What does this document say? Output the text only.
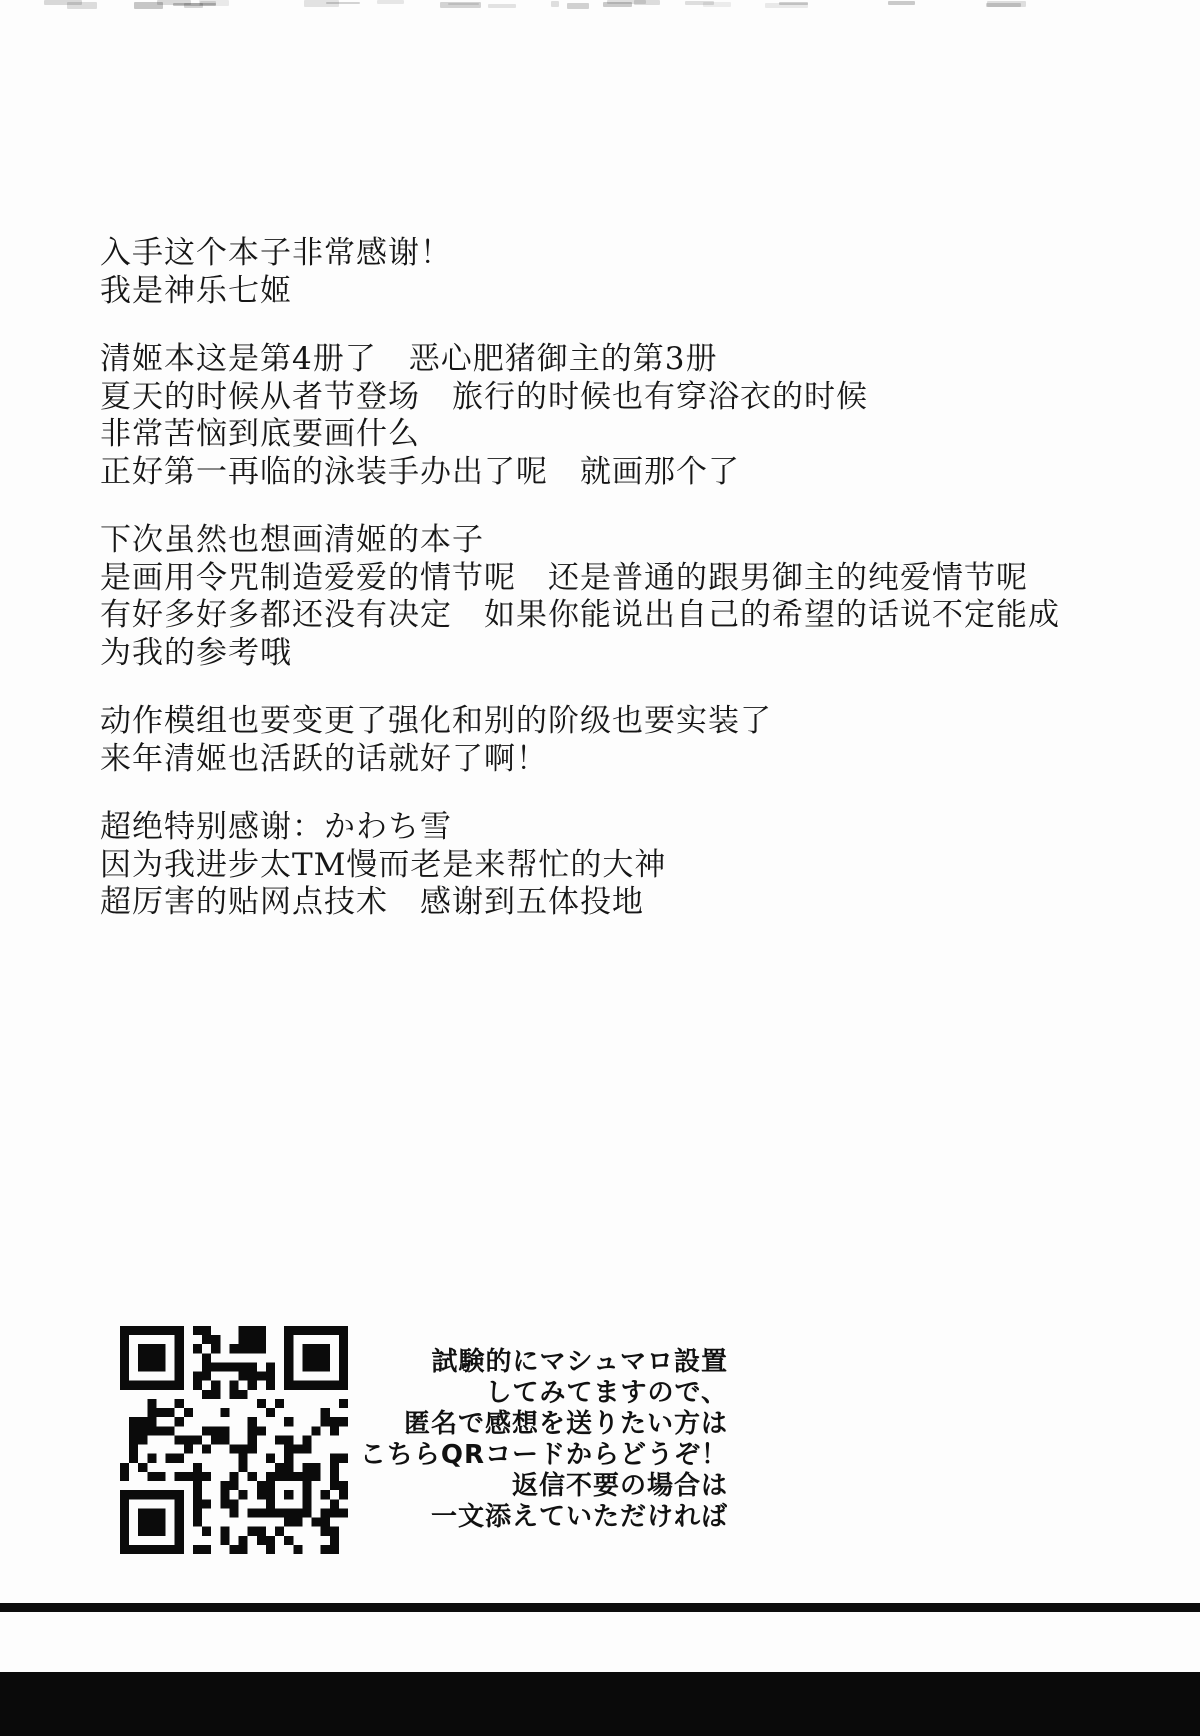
入手这个本子非常感谢！
我是神乐七姬
清姬本这是第4册了　恶心肥猪御主的第3册
夏天的时候从者节登场　旅行的时候也有穿浴衣的时候
非常苦恼到底要画什么
正好第一再临的泳装手办出了呢　就画那个了
下次虽然也想画清姬的本子
是画用令咒制造爱爱的情节呢　还是普通的跟男御主的纯爱情节呢
有好多好多都还没有决定　如果你能说出自己的希望的话说不定能成
为我的参考哦
动作模组也要变更了强化和别的阶级也要实装了
来年清姬也活跃的话就好了啊！
超绝特别感谢：かわち雪
因为我进步太TM慢而老是来帮忙的大神
超厉害的贴网点技术　感谢到五体投地
試験的にマシュマロ設置
してみてますので、
匿名で感想を送りたい方は
こちらQRコードからどうぞ！
返信不要の場合は
一文添えていただければ
